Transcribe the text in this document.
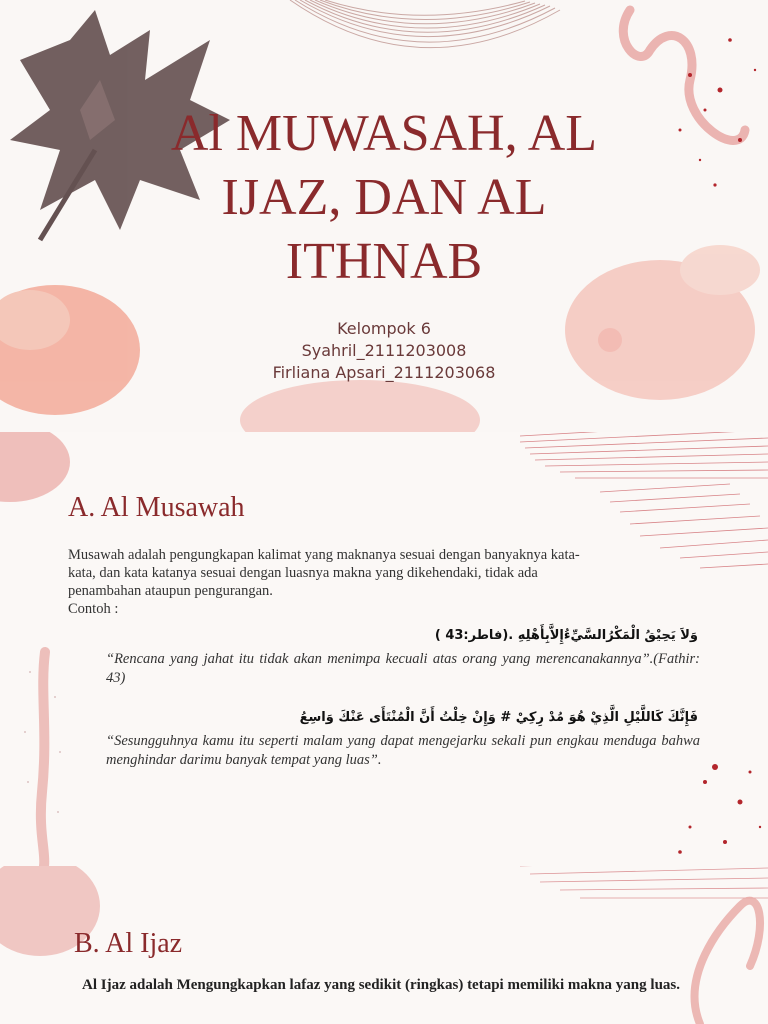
Al MUWASAH, AL
IJAZ, DAN AL
ITHNAB
Kelompok 6
Syahril_2111203008
Firliana Apsari_2111203068
A. Al Musawah
Musawah adalah pengungkapan kalimat yang maknanya sesuai dengan banyaknya kata-
kata, dan kata katanya sesuai dengan luasnya makna yang dikehendaki, tidak ada
penambahan ataupun pengurangan.
Contoh :
وَلاَ يَحِيْقُ الْمَكْرُالسَّيِّءُإِلاَّبِأَهْلِهِ .(فاطر:43 )
“Rencana yang jahat itu tidak akan menimpa kecuali atas orang yang merencanakannya”.(Fathir: 43)
فَإِنَّكَ كَاللَّيْلِ الَّذِيْ هُوَ مُدْ رِكِيْ # وَإِنْ خِلْتُ أَنَّ الْمُنْتَأَى عَنْكَ وَاسِعُ
“Sesungguhnya kamu itu seperti malam yang dapat mengejarku sekali pun engkau menduga bahwa menghindar darimu banyak tempat yang luas”.
B. Al Ijaz
Al Ijaz adalah Mengungkapkan lafaz yang sedikit (ringkas) tetapi memiliki makna yang luas.
